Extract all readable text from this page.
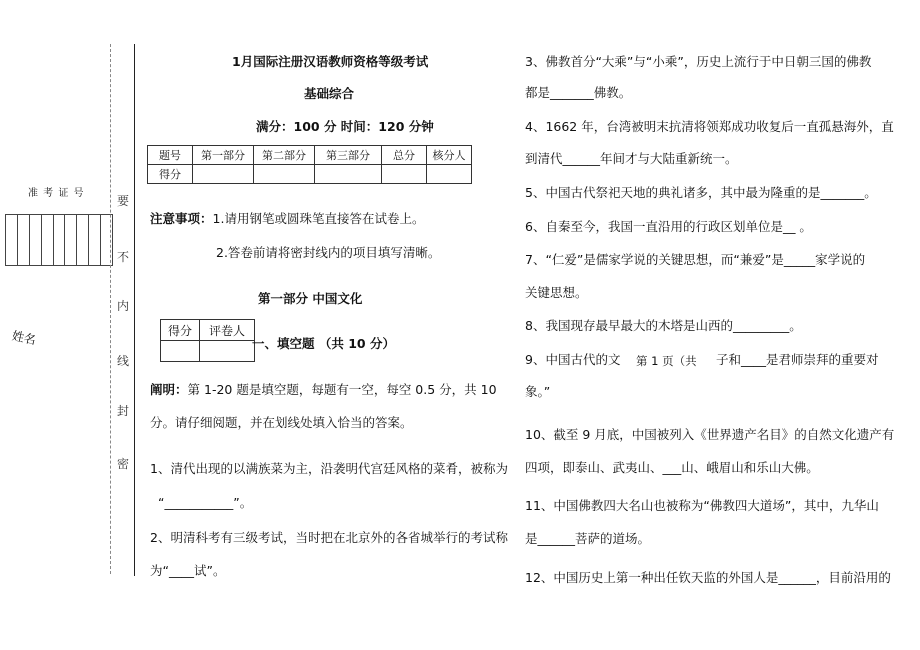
准 考 证 号
姓名
要
不
内
线
封
密
1月国际注册汉语教师资格等级考试
基础综合
满分：100 分 时间：120 分钟
题号	第一部分	第二部分	第三部分	总分	核分人
得分					
注意事项：1.请用钢笔或圆珠笔直接答在试卷上。
2.答卷前请将密封线内的项目填写清晰。
第一部分 中国文化
得分	评卷人

一、填空题 （共 10 分）
阐明：第 1-20 题是填空题，每题有一空，每空 0.5 分，共 10
分。请仔细阅题，并在划线处填入恰当的答案。
1、清代出现的以满族菜为主，沿袭明代宫廷风格的菜肴，被称为
“___________”。
2、明清科考有三级考试，当时把在北京外的各省城举行的考试称
为“____试”。
3、佛教首分“大乘”与“小乘”，历史上流行于中日朝三国的佛教
都是_______佛教。
4、1662 年，台湾被明末抗清将领郑成功收复后一直孤悬海外，直
到清代______年间才与大陆重新统一。
5、中国古代祭祀天地的典礼诸多，其中最为隆重的是_______。
6、自秦至今，我国一直沿用的行政区划单位是__ 。
7、“仁爱”是儒家学说的关键思想，而“兼爱”是_____家学说的
关键思想。
8、我国现存最早最大的木塔是山西的_________。
9、中国古代的文 第 1 页（共 子和____是君师崇拜的重要对
象。”
10、截至 9 月底，中国被列入《世界遗产名目》的自然文化遗产有
四项，即泰山、武夷山、___山、峨眉山和乐山大佛。
11、中国佛教四大名山也被称为“佛教四大道场”，其中，九华山
是______菩萨的道场。
12、中国历史上第一种出任钦天监的外国人是______，目前沿用的
